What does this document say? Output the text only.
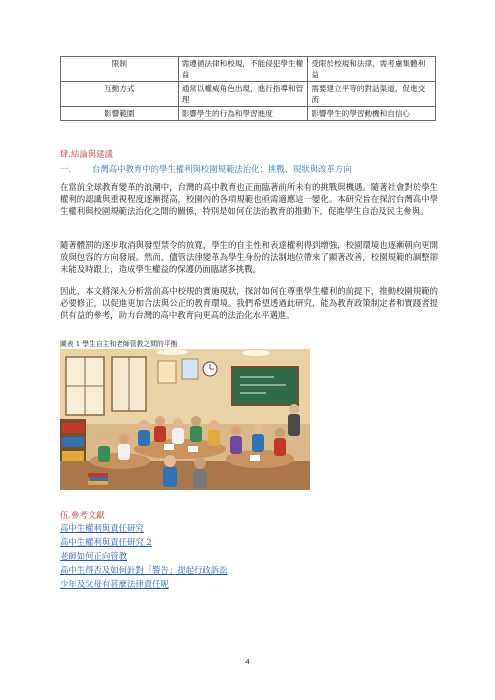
限制	需遵循法律和校規，不能侵犯學生權益	受限於校規和法律，需考慮集體利益
互動方式	通常以權威角色出現，進行指導和管理	需要建立平等的對話渠道，促進交流
影響範圍	影響學生的行為和學習進度	影響學生的學習動機和自信心
肆.結論與建議
一. 台灣高中教育中的學生權利與校園規範法治化：挑戰、現狀與改革方向

在當前全球教育變革的浪潮中，台灣的高中教育也正面臨著前所未有的挑戰與機遇。隨著社會對於學生權利的認識與重視程度逐漸提高，校園內的各項規範也亟需適應這一變化。本研究旨在探討台灣高中學生權利與校園規範法治化之間的關係，特別是如何在法治教育的推動下，促進學生自治及民主參與。

隨著體罰的逐步取消與發型禁令的放寬，學生的自主性和表達權利得到增強，校園環境也逐漸朝向更開放與包容的方向發展。然而，儘管法律變革為學生身份的法制地位帶來了顯著改善，校園規範的調整卻未能及時跟上，造成學生權益的保護仍面臨諸多挑戰。

因此，本文將深入分析當前高中校規的實施現狀，探討如何在尊重學生權利的前提下，推動校園規範的必要修正，以促進更加合法與公正的教育環境。我們希望透過此研究，能為教育政策制定者和實踐者提供有益的參考，助力台灣的高中教育向更高的法治化水平邁進。

圖表 1 學生自主和老師管教之間的平衡
伍.參考文獻
高中生權利與責任研究
高中生權利與責任研究 2
老師如何正向管教
高中生得否及如何針對「警告」提起行政訴訟
少年及父母有甚麼法律責任呢
4
